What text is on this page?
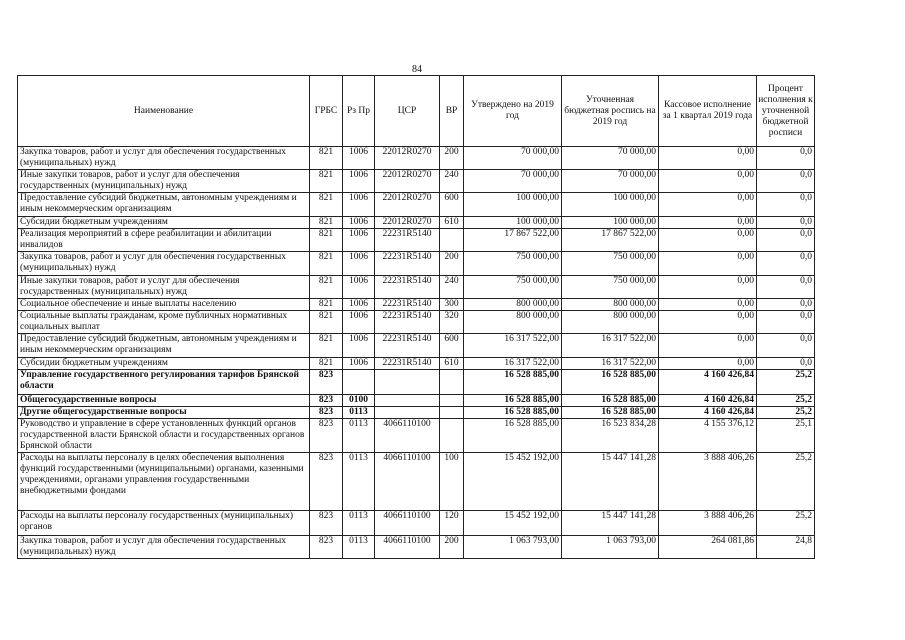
84
Наименование	ГРБС	Рз Пр	ЦСР	ВР	Утверждено на 2019 год	Уточненная бюджетная роспись на 2019 год	Кассовое исполнение за 1 квартал 2019 года	Процент исполнения к уточненной бюджетной росписи
Закупка товаров, работ и услуг для обеспечения государственных (муниципальных) нужд	821	1006	22012R0270	200	70 000,00	70 000,00	0,00	0,0
Иные закупки товаров, работ и услуг для обеспечения государственных (муниципальных) нужд	821	1006	22012R0270	240	70 000,00	70 000,00	0,00	0,0
Предоставление субсидий бюджетным, автономным учреждениям и иным некоммерческим организациям	821	1006	22012R0270	600	100 000,00	100 000,00	0,00	0,0
Субсидии бюджетным учреждениям	821	1006	22012R0270	610	100 000,00	100 000,00	0,00	0,0
Реализация мероприятий в сфере реабилитации и абилитации инвалидов	821	1006	22231R5140		17 867 522,00	17 867 522,00	0,00	0,0
Закупка товаров, работ и услуг для обеспечения государственных (муниципальных) нужд	821	1006	22231R5140	200	750 000,00	750 000,00	0,00	0,0
Иные закупки товаров, работ и услуг для обеспечения государственных (муниципальных) нужд	821	1006	22231R5140	240	750 000,00	750 000,00	0,00	0,0
Социальное обеспечение и иные выплаты населению	821	1006	22231R5140	300	800 000,00	800 000,00	0,00	0,0
Социальные выплаты гражданам, кроме публичных нормативных социальных выплат	821	1006	22231R5140	320	800 000,00	800 000,00	0,00	0,0
Предоставление субсидий бюджетным, автономным учреждениям и иным некоммерческим организациям	821	1006	22231R5140	600	16 317 522,00	16 317 522,00	0,00	0,0
Субсидии бюджетным учреждениям	821	1006	22231R5140	610	16 317 522,00	16 317 522,00	0,00	0,0
Управление государственного регулирования тарифов Брянской области	823				16 528 885,00	16 528 885,00	4 160 426,84	25,2
Общегосударственные вопросы	823	0100			16 528 885,00	16 528 885,00	4 160 426,84	25,2
Другие общегосударственные вопросы	823	0113			16 528 885,00	16 528 885,00	4 160 426,84	25,2
Руководство и управление в сфере установленных функций органов государственной власти Брянской области и государственных органов Брянской области	823	0113	4066110100		16 528 885,00	16 523 834,28	4 155 376,12	25,1
Расходы на выплаты персоналу в целях обеспечения выполнения функций государственными (муниципальными) органами, казенными учреждениями, органами управления государственными внебюджетными фондами	823	0113	4066110100	100	15 452 192,00	15 447 141,28	3 888 406,26	25,2
Расходы на выплаты персоналу государственных (муниципальных) органов	823	0113	4066110100	120	15 452 192,00	15 447 141,28	3 888 406,26	25,2
Закупка товаров, работ и услуг для обеспечения государственных (муниципальных) нужд	823	0113	4066110100	200	1 063 793,00	1 063 793,00	264 081,86	24,8
